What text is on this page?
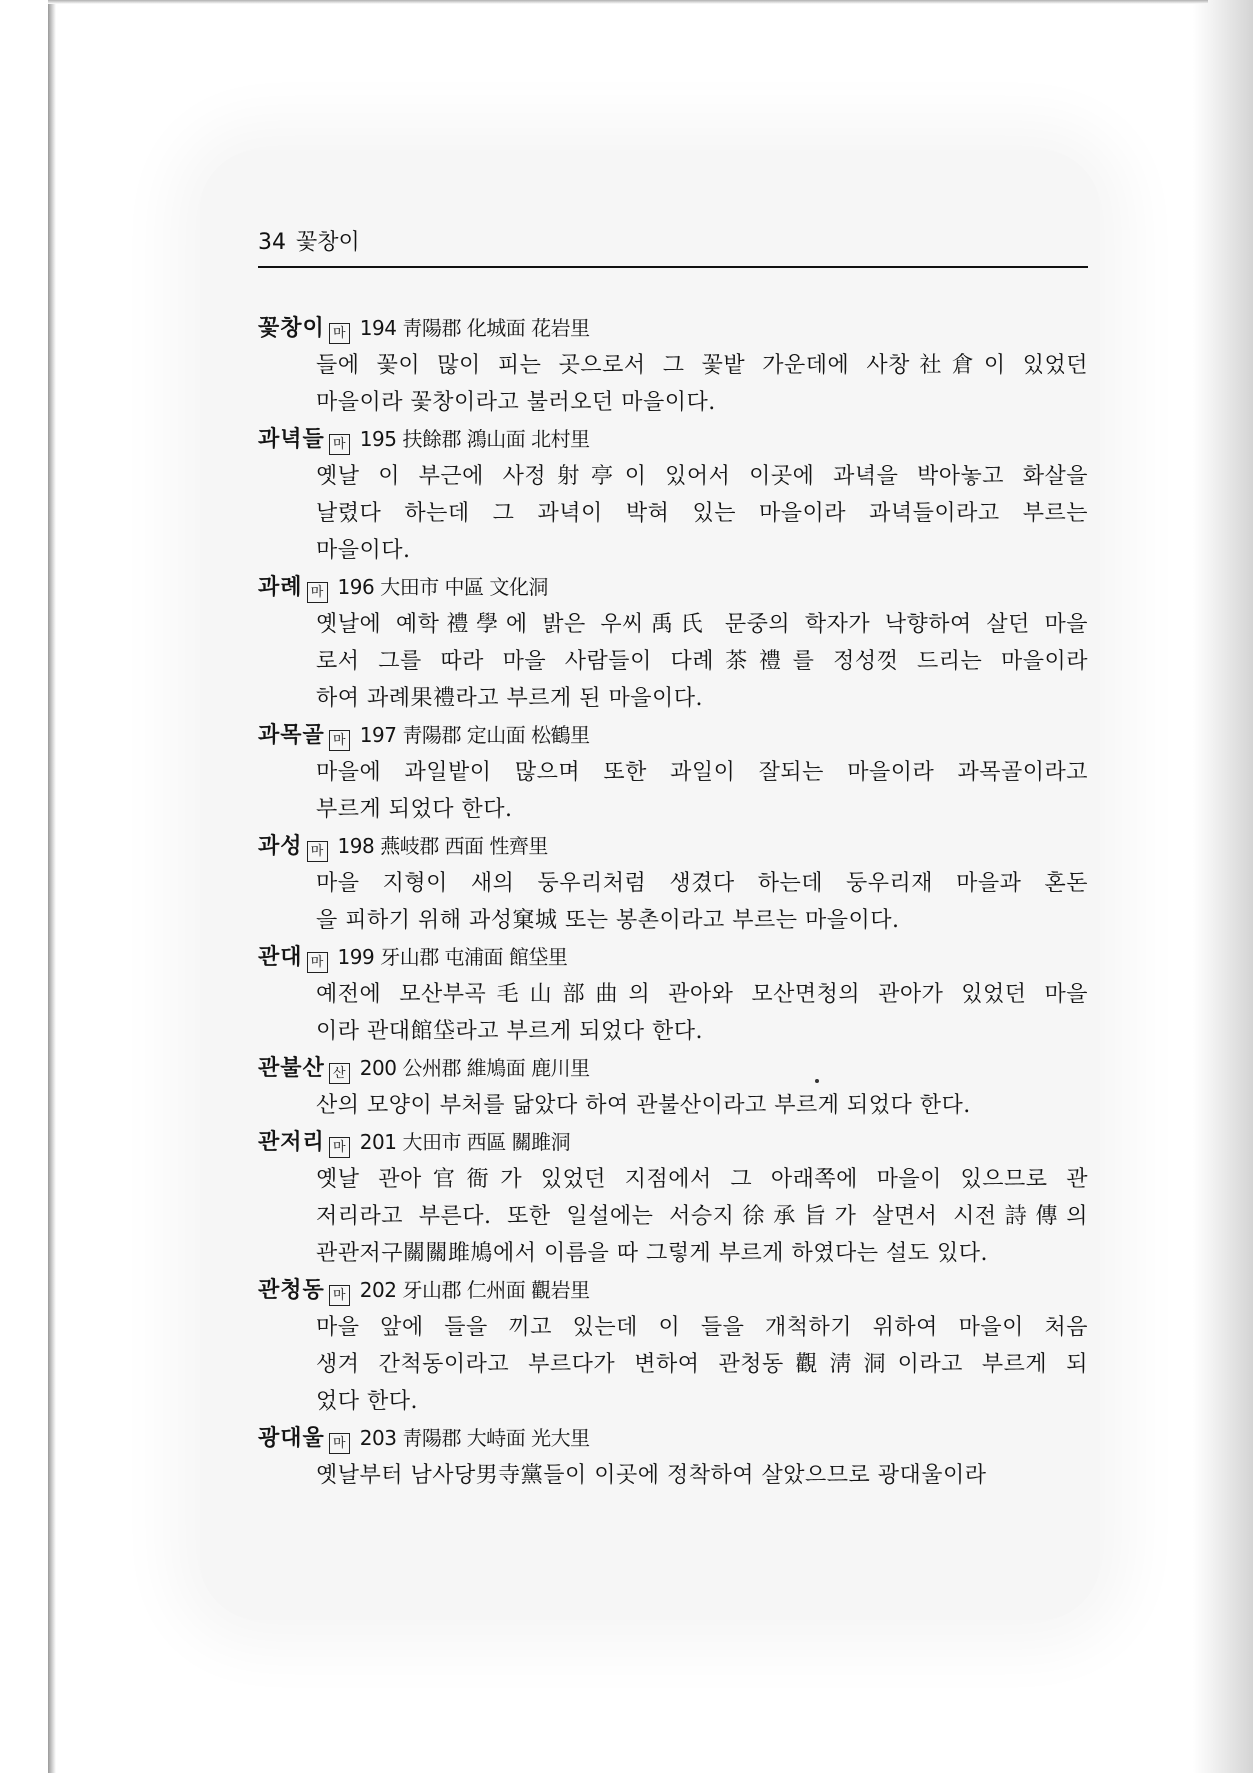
34 꽃창이
꽃창이 마 194 靑陽郡 化城面 花岩里
들에 꽃이 많이 피는 곳으로서 그 꽃밭 가운데에 사창社倉이 있었던
마을이라 꽃창이라고 불러오던 마을이다.
과녁들 마 195 扶餘郡 鴻山面 北村里
옛날 이 부근에 사정射亭이 있어서 이곳에 과녁을 박아놓고 화살을
날렸다 하는데 그 과녁이 박혀 있는 마을이라 과녁들이라고 부르는
마을이다.
과례 마 196 大田市 中區 文化洞
옛날에 예학禮學에 밝은 우씨禹氏 문중의 학자가 낙향하여 살던 마을
로서 그를 따라 마을 사람들이 다례茶禮를 정성껏 드리는 마을이라
하여 과례果禮라고 부르게 된 마을이다.
과목골 마 197 靑陽郡 定山面 松鶴里
마을에 과일밭이 많으며 또한 과일이 잘되는 마을이라 과목골이라고
부르게 되었다 한다.
과성 마 198 燕岐郡 西面 性齊里
마을 지형이 새의 둥우리처럼 생겼다 하는데 둥우리재 마을과 혼돈
을 피하기 위해 과성窠城 또는 봉촌이라고 부르는 마을이다.
관대 마 199 牙山郡 屯浦面 館垈里
예전에 모산부곡毛山部曲의 관아와 모산면청의 관아가 있었던 마을
이라 관대館垈라고 부르게 되었다 한다.
관불산 산 200 公州郡 維鳩面 鹿川里
산의 모양이 부처를 닮았다 하여 관불산이라고 부르게 되었다 한다.
관저리 마 201 大田市 西區 關雎洞
옛날 관아官衙가 있었던 지점에서 그 아래쪽에 마을이 있으므로 관
저리라고 부른다. 또한 일설에는 서승지徐承旨가 살면서 시전詩傳의
관관저구關關雎鳩에서 이름을 따 그렇게 부르게 하였다는 설도 있다.
관청동 마 202 牙山郡 仁州面 觀岩里
마을 앞에 들을 끼고 있는데 이 들을 개척하기 위하여 마을이 처음
생겨 간척동이라고 부르다가 변하여 관청동觀淸洞이라고 부르게 되
었다 한다.
광대울 마 203 靑陽郡 大峙面 光大里
옛날부터 남사당男寺黨들이 이곳에 정착하여 살았으므로 광대울이라
